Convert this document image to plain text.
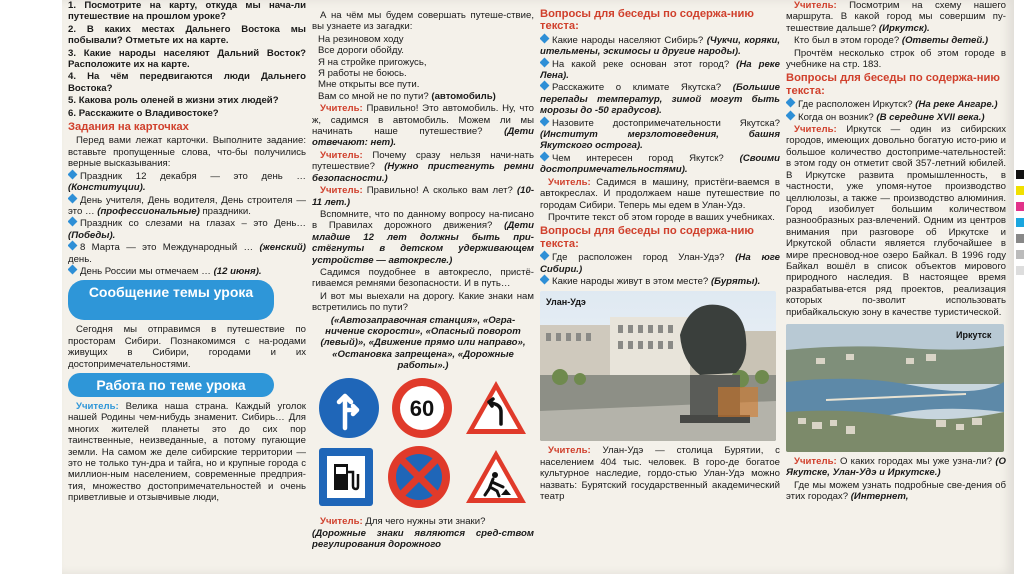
1. Посмотрите на карту, откуда мы нача-ли путешествие на прошлом уроке?

2. В каких местах Дальнего Востока мы побывали? Отметьте их на карте.

3. Какие народы населяют Дальний Восток? Расположите их на карте.

4. На чём передвигаются люди Дальнего Востока?

5. Какова роль оленей в жизни этих людей?

6. Расскажите о Владивостоке?

Задания на карточках

Перед вами лежат карточки. Выполните задание: вставьте пропущенные слова, что-бы получились верные высказывания:

Праздник 12 декабря — это день … (Конституции).

День учителя, День водителя, День строителя — это … (профессиональные) праздники.

Праздник со слезами на глазах – это День… (Победы).

8 Марта — это Международный … (женский) день.

День России мы отмечаем … (12 июня).

Сообщение темы урока

Сегодня мы отправимся в путешествие по просторам Сибири. Познакомимся с на-родами живущих в Сибири, городами и их достопримечательностями.

Работа по теме урока

Учитель: Велика наша страна. Каждый уголок нашей Родины чем-нибудь знаменит. Сибирь… Для многих жителей планеты это до сих пор таинственные, неизведанные, а потому пугающие земли. На самом же деле сибирские территории — это не только тун-дра и тайга, но и крупные города с миллион-ным населением, современные предприя-тия, множество достопримечательностей и очень приветливые и отзывчивые люди,

А на чём мы будем совершать путеше-ствие, вы узнаете из загадки:

На резиновом ходу
Все дороги обойду.
Я на стройке пригожусь,
Я работы не боюсь.
Мне открыты все пути.

Вам со мной не по пути? (автомобиль)

Учитель: Правильно! Это автомобиль. Ну, что ж, садимся в автомобиль. Можем ли мы начинать наше путешествие? (Дети отвечают: нет).

Учитель: Почему сразу нельзя начи-нать путешествие? (Нужно пристегнуть ремни безопасности.)

Учитель: Правильно! А сколько вам лет? (10-11 лет.)

Вспомните, что по данному вопросу на-писано в Правилах дорожного движения? (Дети младше 12 лет должны быть при-стёгнуты в детском удерживающем устройстве — автокресле.)

Садимся поудобнее в автокресло, приcтё-гиваемся ремнями безопасности. И в путь…

И вот мы выехали на дорогу. Какие знаки нам встретились по пути?

(«Автозаправочная станция», «Огра-ничение скорости», «Опасный поворот (левый)», «Движение прямо или направо», «Остановка запрещена», «Дорожные работы».)

60

Учитель: Для чего нужны эти знаки?

(Дорожные знаки являются сред-ством регулирования дорожного

Вопросы для беседы по содержа-нию текста:

Какие народы населяют Сибирь? (Чукчи, коряки, ительмены, эскимосы и другие народы).

На какой реке основан этот город? (На реке Лена).

Расскажите о климате Якутска? (Большие перепады температур, зимой могут быть морозы до -50 градусов).

Назовите достопримечательности Якутска? (Институт мерзлотоведения, башня Якутского острога).

Чем интересен город Якутск? (Своими достопримечательностями).

Учитель: Садимся в машину, пристёги-ваемся в автокреслах. И продолжаем наше путешествие по городам Сибири. Теперь мы едем в Улан-Удэ.

Прочтите текст об этом городе в ваших учебниках.

Вопросы для беседы по содержа-нию текста:

Где расположен город Улан-Удэ? (На юге Сибири.)

Какие народы живут в этом месте? (Буряты).

Улан-Удэ

Учитель: Улан-Удэ — столица Бурятии, с населением 404 тыс. человек. В горо-де богатое культурное наследие, гордо-стью Улан-Удэ можно назвать: Бурятский государственный академический театр

Учитель: Посмотрим на схему нашего маршрута. В какой город мы совершим пу-тешествие дальше? (Иркутск).

Кто был в этом городе? (Ответы детей.)

Прочтём несколько строк об этом городе в учебнике на стр. 183.

Вопросы для беседы по содержа-нию текста:

Где расположен Иркутск? (На реке Ангаре.)

Когда он возник? (В середине XVII века.)

Учитель: Иркутск — один из сибирских городов, имеющих довольно богатую исто-рию и большое количество достоприме-чательностей: в этом году он отметит свой 357-летний юбилей. В Иркутске развита промышленность, в частности, уже упомя-нутое производство целлюлозы, а также — производство алюминия. Город изобилует большим количеством разнообразных раз-влечений. Одним из центров внимания при разговоре об Иркутске и Иркутской области является глубочайшее в мире пресновод-ное озеро Байкал. В 1996 году Байкал вошёл в список объектов мирового природного наследия. В настоящее время разрабатыва-ется ряд проектов, реализация которых по-зволит использовать прибайкальскую зону в качестве туристической.

Иркутск

Учитель: О каких городах мы уже узна-ли? (О Якутске, Улан-Удэ и Иркутске.)

Где мы можем узнать подробные све-дения об этих городах? (Интернет,
